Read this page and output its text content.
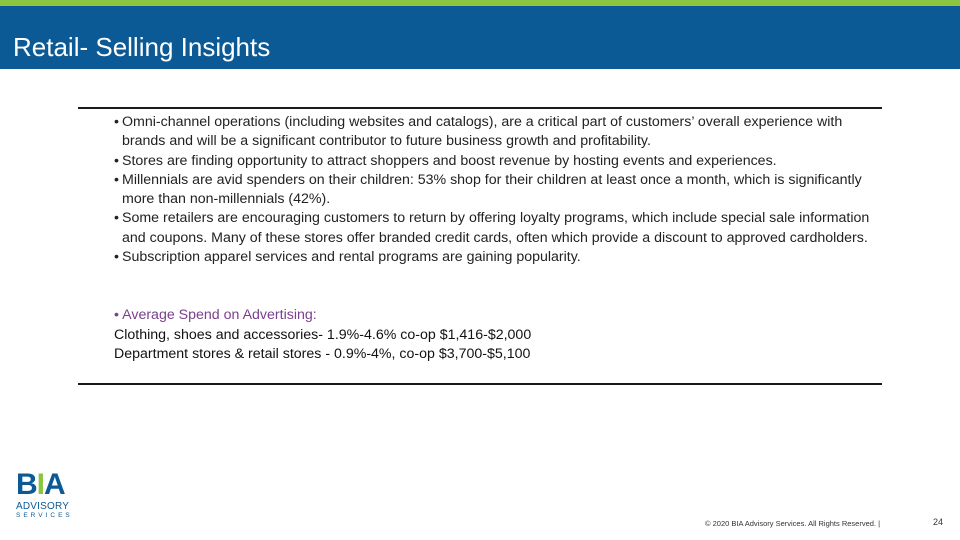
Retail- Selling Insights
• Omni-channel operations (including websites and catalogs), are a critical part of customers’ overall experience with brands and will be a significant contributor to future business growth and profitability.
• Stores are finding opportunity to attract shoppers and boost revenue by hosting events and experiences.
• Millennials are avid spenders on their children: 53% shop for their children at least once a month, which is significantly more than non-millennials (42%).
• Some retailers are encouraging customers to return by offering loyalty programs, which include special sale information and coupons. Many of these stores offer branded credit cards, often which provide a discount to approved cardholders.
• Subscription apparel services and rental programs are gaining popularity.
• Average Spend on Advertising:
Clothing, shoes and accessories- 1.9%-4.6% co-op $1,416-$2,000
Department stores & retail stores - 0.9%-4%, co-op $3,700-$5,100
BIA
ADVISORY
SERVICES
© 2020 BIA Advisory Services. All Rights Reserved. |	24
